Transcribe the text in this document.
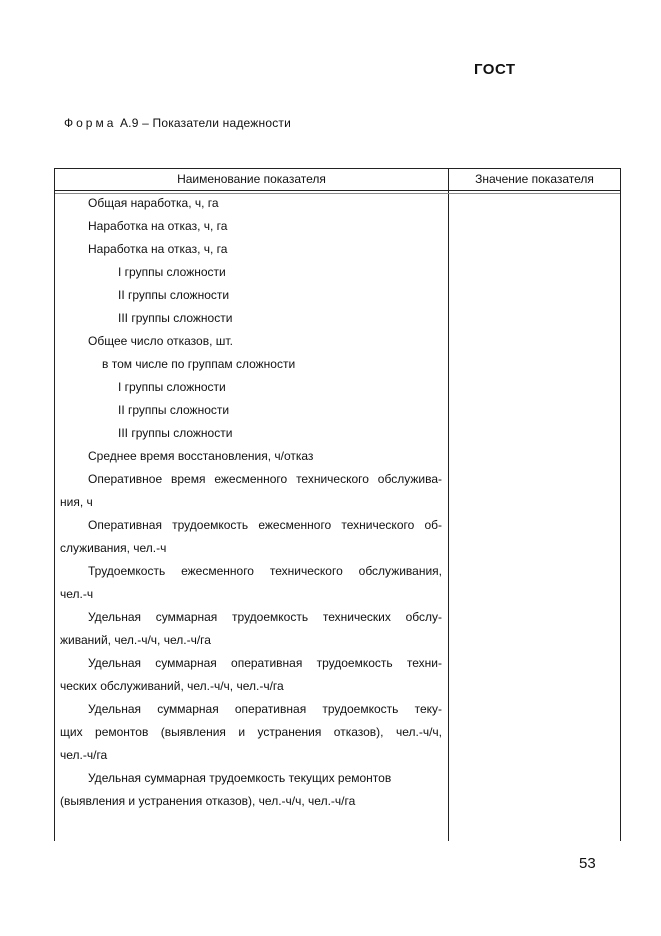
ГОСТ
Форма А.9 – Показатели надежности
Наименование показателя	Значение показателя
Общая наработка, ч, га
Наработка на отказ, ч, га
Наработка на отказ, ч, га
I группы сложности
II группы сложности
III группы сложности
Общее число отказов, шт.
в том числе по группам сложности
I группы сложности
II группы сложности
III группы сложности
Среднее время восстановления, ч/отказ
Оперативное время ежесменного технического обслужива-
ния, ч
Оперативная трудоемкость ежесменного технического об-
служивания, чел.-ч
Трудоемкость ежесменного технического обслуживания,
чел.-ч
Удельная суммарная трудоемкость технических обслу-
живаний, чел.-ч/ч, чел.-ч/га
Удельная суммарная оперативная трудоемкость техни-
ческих обслуживаний, чел.-ч/ч, чел.-ч/га
Удельная суммарная оперативная трудоемкость теку-
щих ремонтов (выявления и устранения отказов), чел.-ч/ч,
чел.-ч/га
Удельная суммарная трудоемкость текущих ремонтов
(выявления и устранения отказов), чел.-ч/ч, чел.-ч/га
53
